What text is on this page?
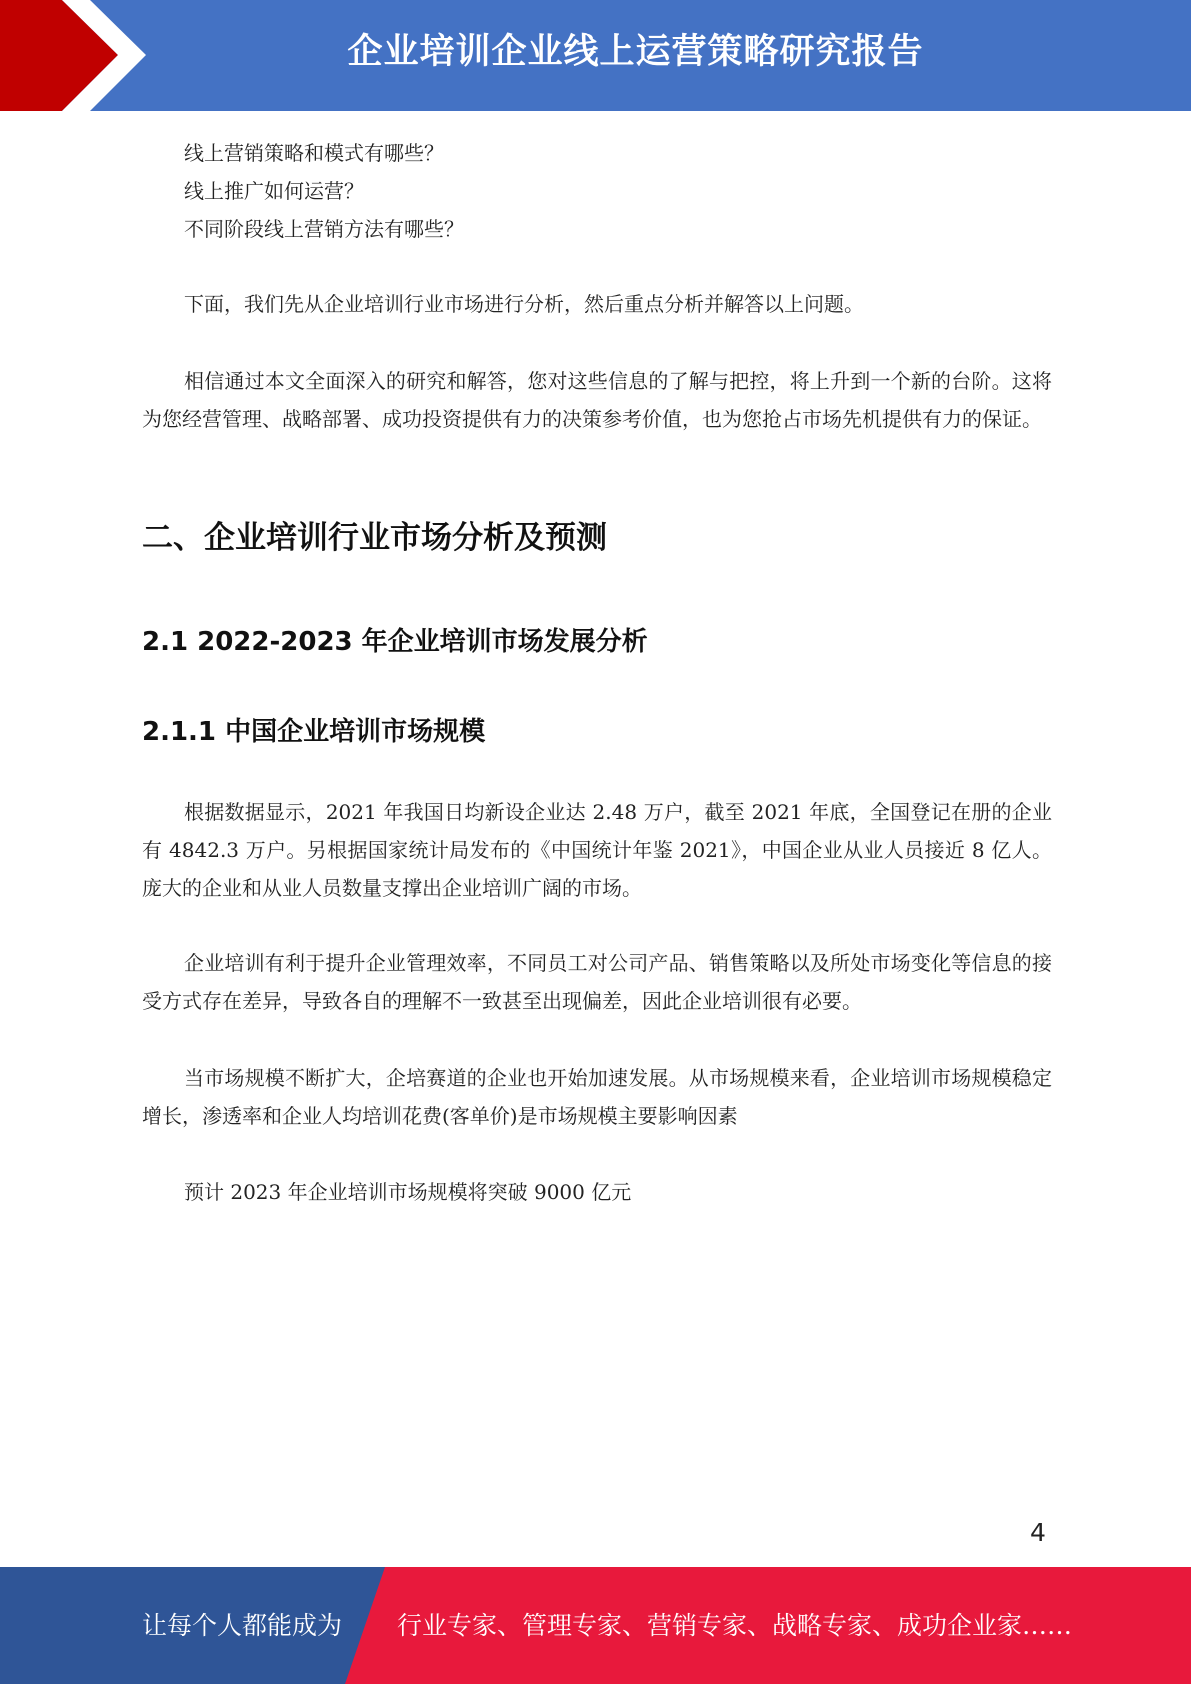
企业培训企业线上运营策略研究报告
线上营销策略和模式有哪些？
线上推广如何运营？
不同阶段线上营销方法有哪些？

下面，我们先从企业培训行业市场进行分析，然后重点分析并解答以上问题。

相信通过本文全面深入的研究和解答，您对这些信息的了解与把控，将上升到一个新的台阶。这将为您经营管理、战略部署、成功投资提供有力的决策参考价值，也为您抢占市场先机提供有力的保证。

二、企业培训行业市场分析及预测
2.1 2022-2023 年企业培训市场发展分析
2.1.1 中国企业培训市场规模

根据数据显示，2021 年我国日均新设企业达 2.48 万户，截至 2021 年底，全国登记在册的企业有 4842.3 万户。另根据国家统计局发布的《中国统计年鉴 2021》，中国企业从业人员接近 8 亿人。庞大的企业和从业人员数量支撑出企业培训广阔的市场。

企业培训有利于提升企业管理效率，不同员工对公司产品、销售策略以及所处市场变化等信息的接受方式存在差异，导致各自的理解不一致甚至出现偏差，因此企业培训很有必要。

当市场规模不断扩大，企培赛道的企业也开始加速发展。从市场规模来看，企业培训市场规模稳定增长，渗透率和企业人均培训花费(客单价)是市场规模主要影响因素

预计 2023 年企业培训市场规模将突破 9000 亿元

4
让每个人都能成为 行业专家、管理专家、营销专家、战略专家、成功企业家……
